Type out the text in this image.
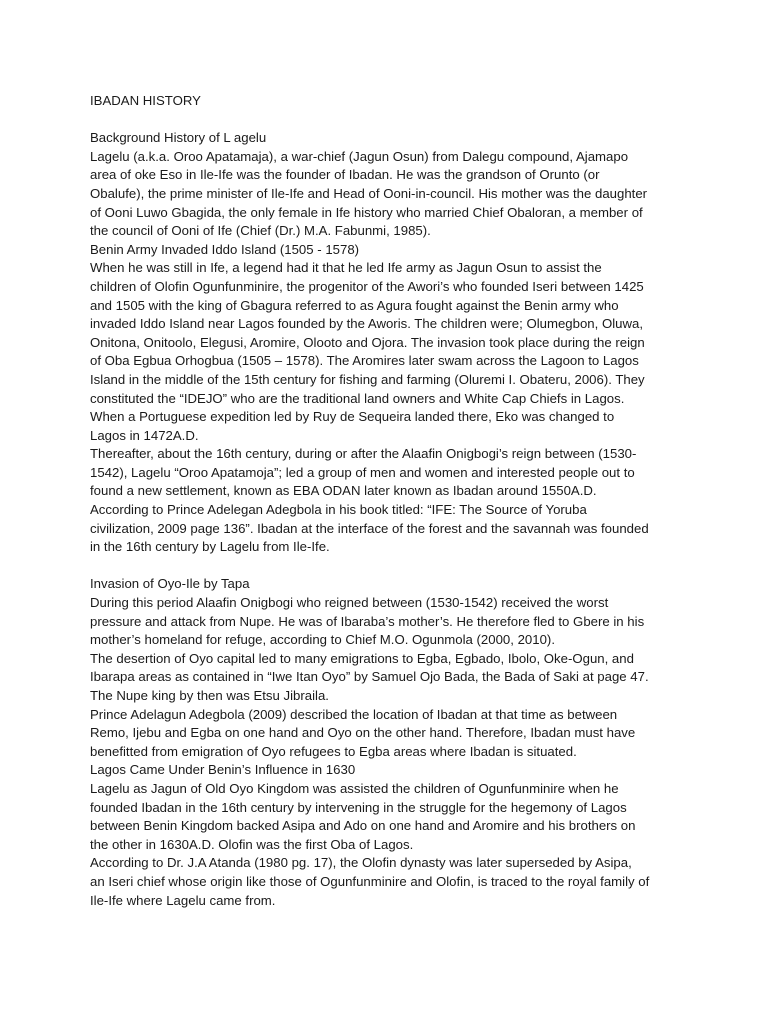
IBADAN HISTORY
Background History of L agelu
Lagelu (a.k.a. Oroo Apatamaja), a war-chief (Jagun Osun) from Dalegu compound, Ajamapo
area of oke Eso in Ile-Ife was the founder of Ibadan. He was the grandson of Orunto (or
Obalufe), the prime minister of Ile-Ife and Head of Ooni-in-council. His mother was the daughter
of Ooni Luwo Gbagida, the only female in Ife history who married Chief Obaloran, a member of
the council of Ooni of Ife (Chief (Dr.) M.A. Fabunmi, 1985).
Benin Army Invaded Iddo Island (1505 - 1578)
When he was still in Ife, a legend had it that he led Ife army as Jagun Osun to assist the
children of Olofin Ogunfunminire, the progenitor of the Awori’s who founded Iseri between 1425
and 1505 with the king of Gbagura referred to as Agura fought against the Benin army who
invaded Iddo Island near Lagos founded by the Aworis. The children were; Olumegbon, Oluwa,
Onitona, Onitoolo, Elegusi, Aromire, Olooto and Ojora. The invasion took place during the reign
of Oba Egbua Orhogbua (1505 – 1578). The Aromires later swam across the Lagoon to Lagos
Island in the middle of the 15th century for fishing and farming (Oluremi I. Obateru, 2006). They
constituted the “IDEJO” who are the traditional land owners and White Cap Chiefs in Lagos.
When a Portuguese expedition led by Ruy de Sequeira landed there, Eko was changed to
Lagos in 1472A.D.
Thereafter, about the 16th century, during or after the Alaafin Onigbogi’s reign between (1530-
1542), Lagelu “Oroo Apatamoja”; led a group of men and women and interested people out to
found a new settlement, known as EBA ODAN later known as Ibadan around 1550A.D.
According to Prince Adelegan Adegbola in his book titled: “IFE: The Source of Yoruba
civilization, 2009 page 136”. Ibadan at the interface of the forest and the savannah was founded
in the 16th century by Lagelu from Ile-Ife.
Invasion of Oyo-Ile by Tapa
During this period Alaafin Onigbogi who reigned between (1530-1542) received the worst
pressure and attack from Nupe. He was of Ibaraba’s mother’s. He therefore fled to Gbere in his
mother’s homeland for refuge, according to Chief M.O. Ogunmola (2000, 2010).
The desertion of Oyo capital led to many emigrations to Egba, Egbado, Ibolo, Oke-Ogun, and
Ibarapa areas as contained in “Iwe Itan Oyo” by Samuel Ojo Bada, the Bada of Saki at page 47.
The Nupe king by then was Etsu Jibraila.
Prince Adelagun Adegbola (2009) described the location of Ibadan at that time as between
Remo, Ijebu and Egba on one hand and Oyo on the other hand. Therefore, Ibadan must have
benefitted from emigration of Oyo refugees to Egba areas where Ibadan is situated.
Lagos Came Under Benin’s Influence in 1630
Lagelu as Jagun of Old Oyo Kingdom was assisted the children of Ogunfunminire when he
founded Ibadan in the 16th century by intervening in the struggle for the hegemony of Lagos
between Benin Kingdom backed Asipa and Ado on one hand and Aromire and his brothers on
the other in 1630A.D. Olofin was the first Oba of Lagos.
According to Dr. J.A Atanda (1980 pg. 17), the Olofin dynasty was later superseded by Asipa,
an Iseri chief whose origin like those of Ogunfunminire and Olofin, is traced to the royal family of
Ile-Ife where Lagelu came from.
